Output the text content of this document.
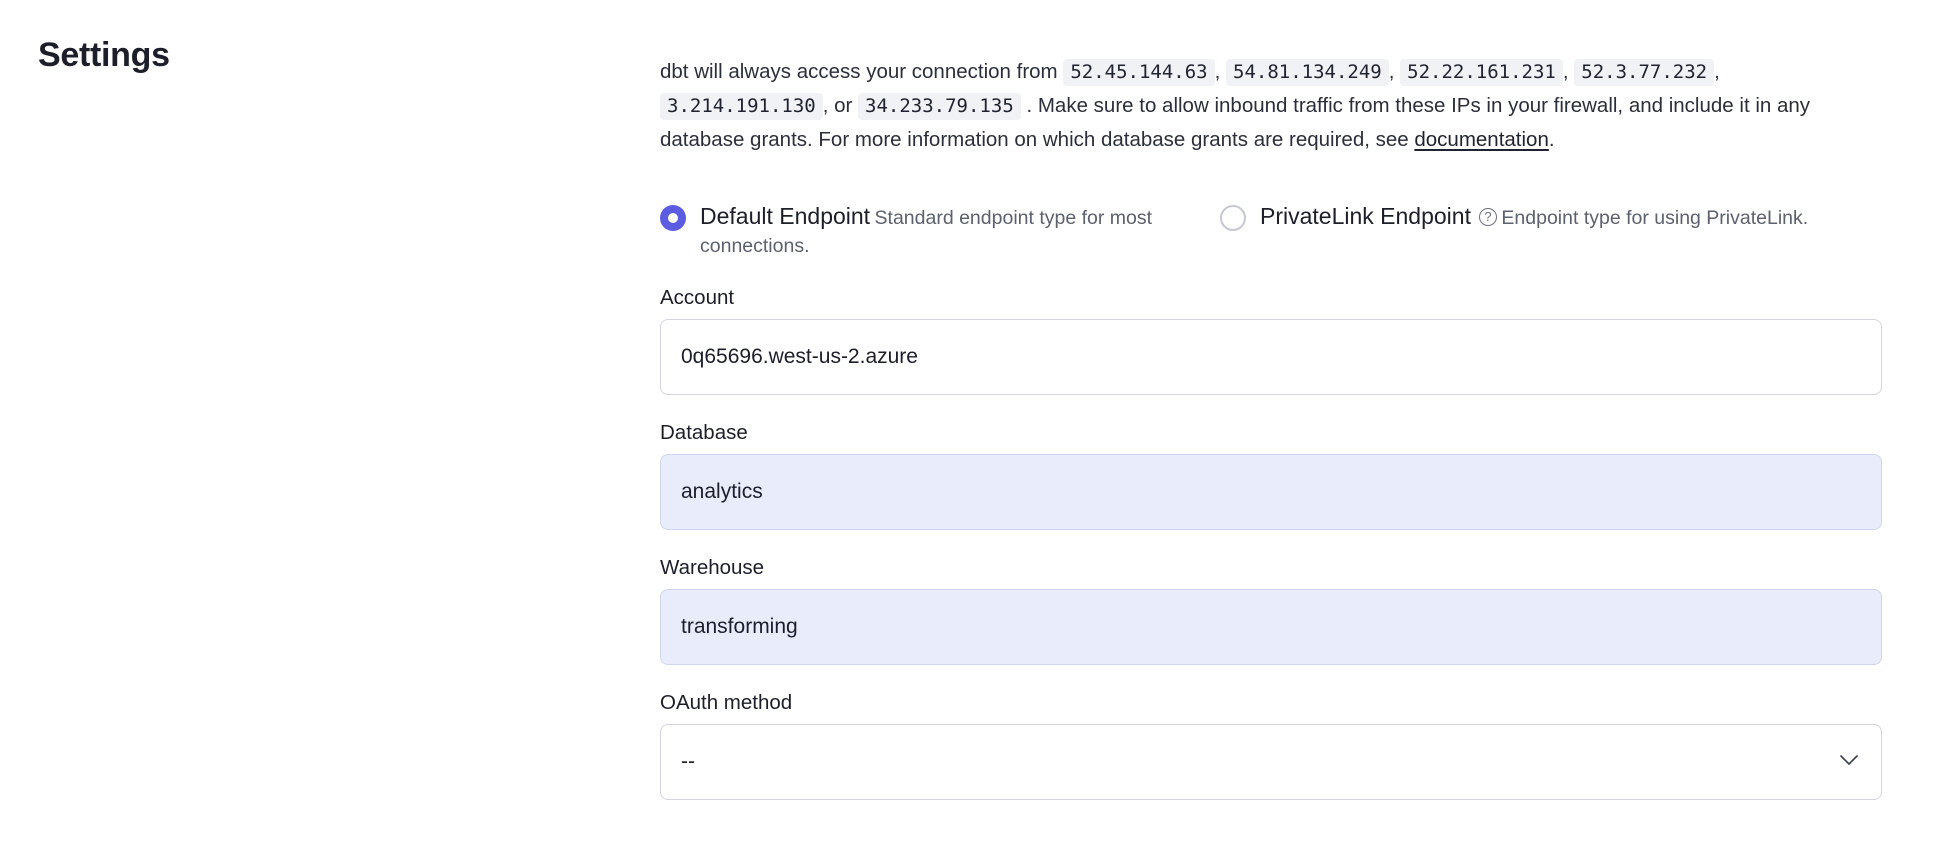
Settings	dbt will always access your connection from 52.45.144.63 , 54.81.134.249 , 52.22.161.231 , 52.3.77.232 , 3.214.191.130 , or 34.233.79.135 . Make sure to allow inbound traffic from these IPs in your firewall, and include it in any database grants. For more information on which database grants are required, see documentation.

Default Endpoint Standard endpoint type for most connections.
PrivateLink Endpoint ? Endpoint type for using PrivateLink.
Account
0q65696.west-us-2.azure
Database
analytics
Warehouse
transforming
OAuth method
--
